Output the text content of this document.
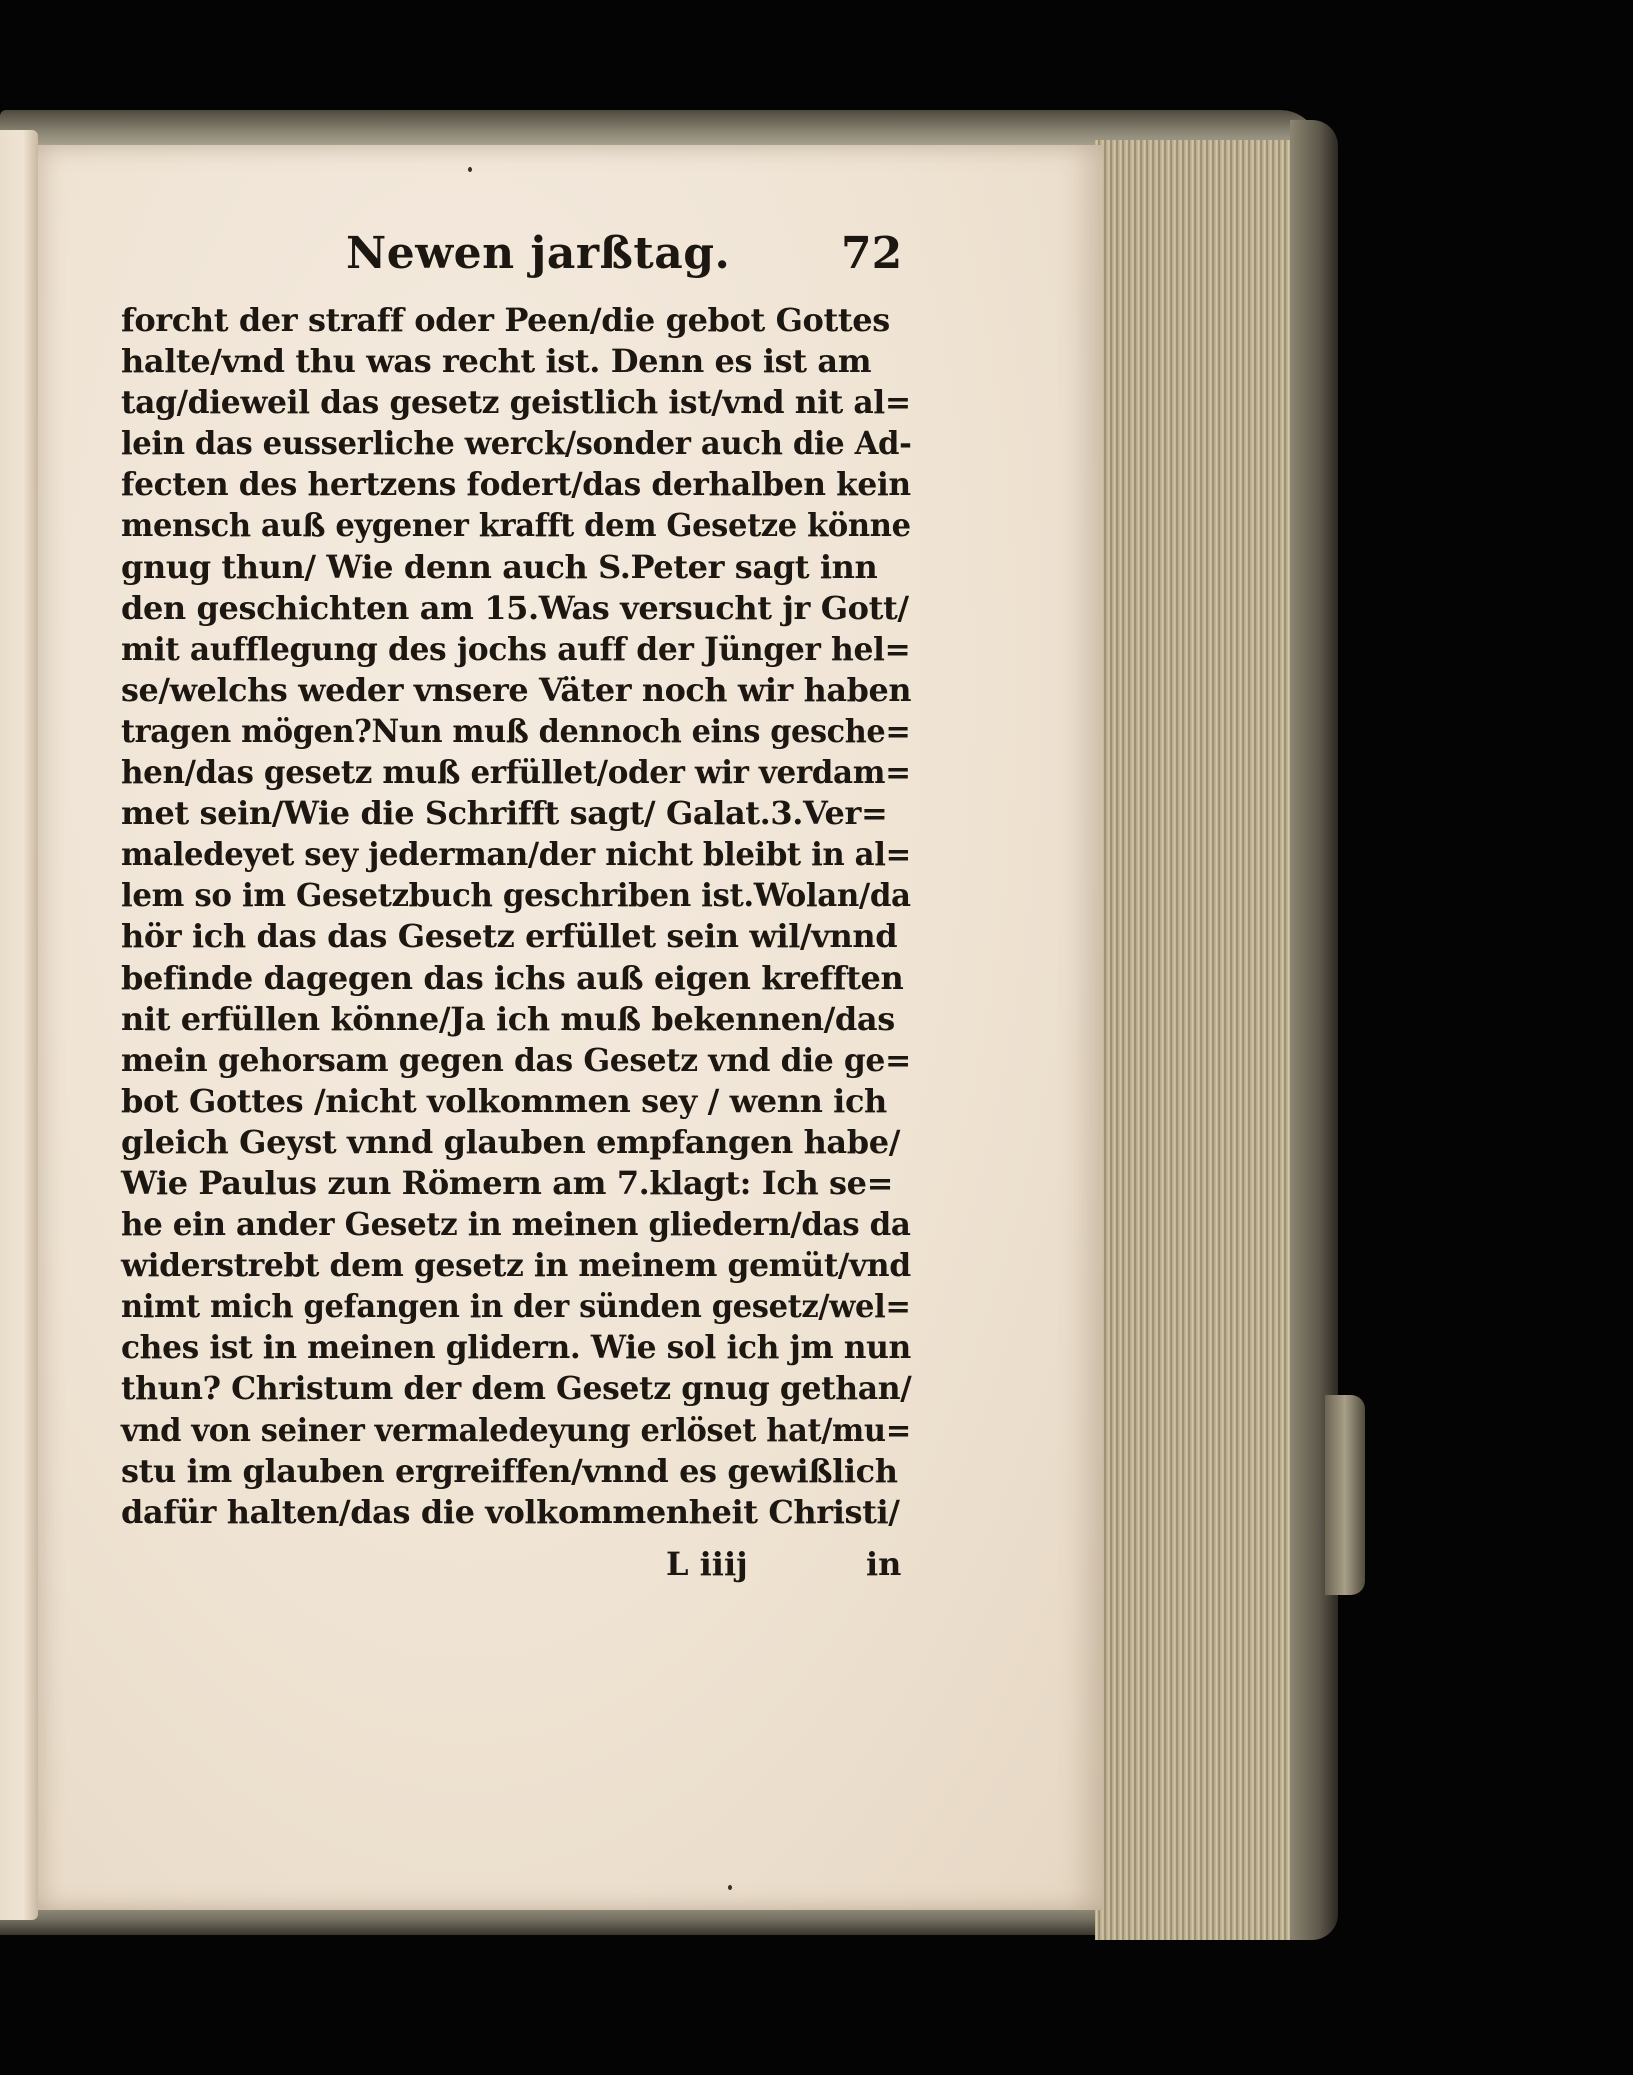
Newen jarßtag.	72
forcht der straff oder Peen/die gebot Gottes
halte/vnd thu was recht ist. Denn es ist am
tag/dieweil das gesetz geistlich ist/vnd nit al=
lein das eusserliche werck/sonder auch die Ad-
fecten des hertzens fodert/das derhalben kein
mensch auß eygener krafft dem Gesetze könne
gnug thun/ Wie denn auch S.Peter sagt inn
den geschichten am 15.Was versucht jr Gott/
mit aufflegung des jochs auff der Jünger hel=
se/welchs weder vnsere Väter noch wir haben
tragen mögen?Nun muß dennoch eins gesche=
hen/das gesetz muß erfüllet/oder wir verdam=
met sein/Wie die Schrifft sagt/ Galat.3.Ver=
maledeyet sey jederman/der nicht bleibt in al=
lem so im Gesetzbuch geschriben ist.Wolan/da
hör ich das das Gesetz erfüllet sein wil/vnnd
befinde dagegen das ichs auß eigen krefften
nit erfüllen könne/Ja ich muß bekennen/das
mein gehorsam gegen das Gesetz vnd die ge=
bot Gottes /nicht volkommen sey / wenn ich
gleich Geyst vnnd glauben empfangen habe/
Wie Paulus zun Römern am 7.klagt: Ich se=
he ein ander Gesetz in meinen gliedern/das da
widerstrebt dem gesetz in meinem gemüt/vnd
nimt mich gefangen in der sünden gesetz/wel=
ches ist in meinen glidern. Wie sol ich jm nun
thun? Christum der dem Gesetz gnug gethan/
vnd von seiner vermaledeyung erlöset hat/mu=
stu im glauben ergreiffen/vnnd es gewißlich
dafür halten/das die volkommenheit Christi/
L iiij	in
